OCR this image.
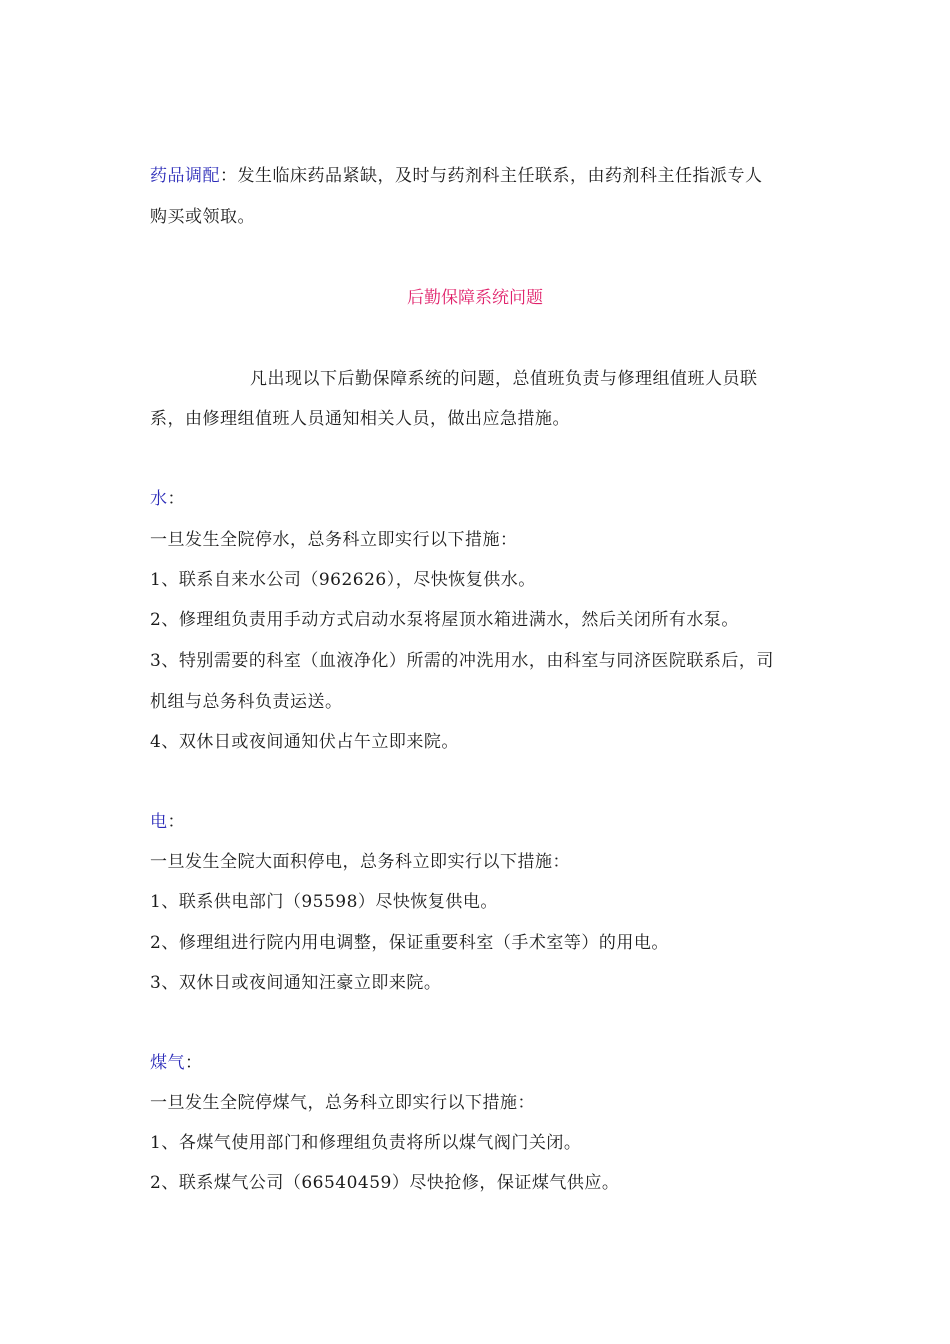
药品调配：发生临床药品紧缺，及时与药剂科主任联系，由药剂科主任指派专人
购买或领取。
后勤保障系统问题
凡出现以下后勤保障系统的问题，总值班负责与修理组值班人员联
系，由修理组值班人员通知相关人员，做出应急措施。
水：
一旦发生全院停水，总务科立即实行以下措施：
1、联系自来水公司（962626），尽快恢复供水。
2、修理组负责用手动方式启动水泵将屋顶水箱进满水，然后关闭所有水泵。
3、特别需要的科室（血液净化）所需的冲洗用水，由科室与同济医院联系后，司
机组与总务科负责运送。
4、双休日或夜间通知伏占午立即来院。
电：
一旦发生全院大面积停电，总务科立即实行以下措施：
1、联系供电部门（95598）尽快恢复供电。
2、修理组进行院内用电调整，保证重要科室（手术室等）的用电。
3、双休日或夜间通知汪豪立即来院。
煤气：
一旦发生全院停煤气，总务科立即实行以下措施：
1、各煤气使用部门和修理组负责将所以煤气阀门关闭。
2、联系煤气公司（66540459）尽快抢修，保证煤气供应。
